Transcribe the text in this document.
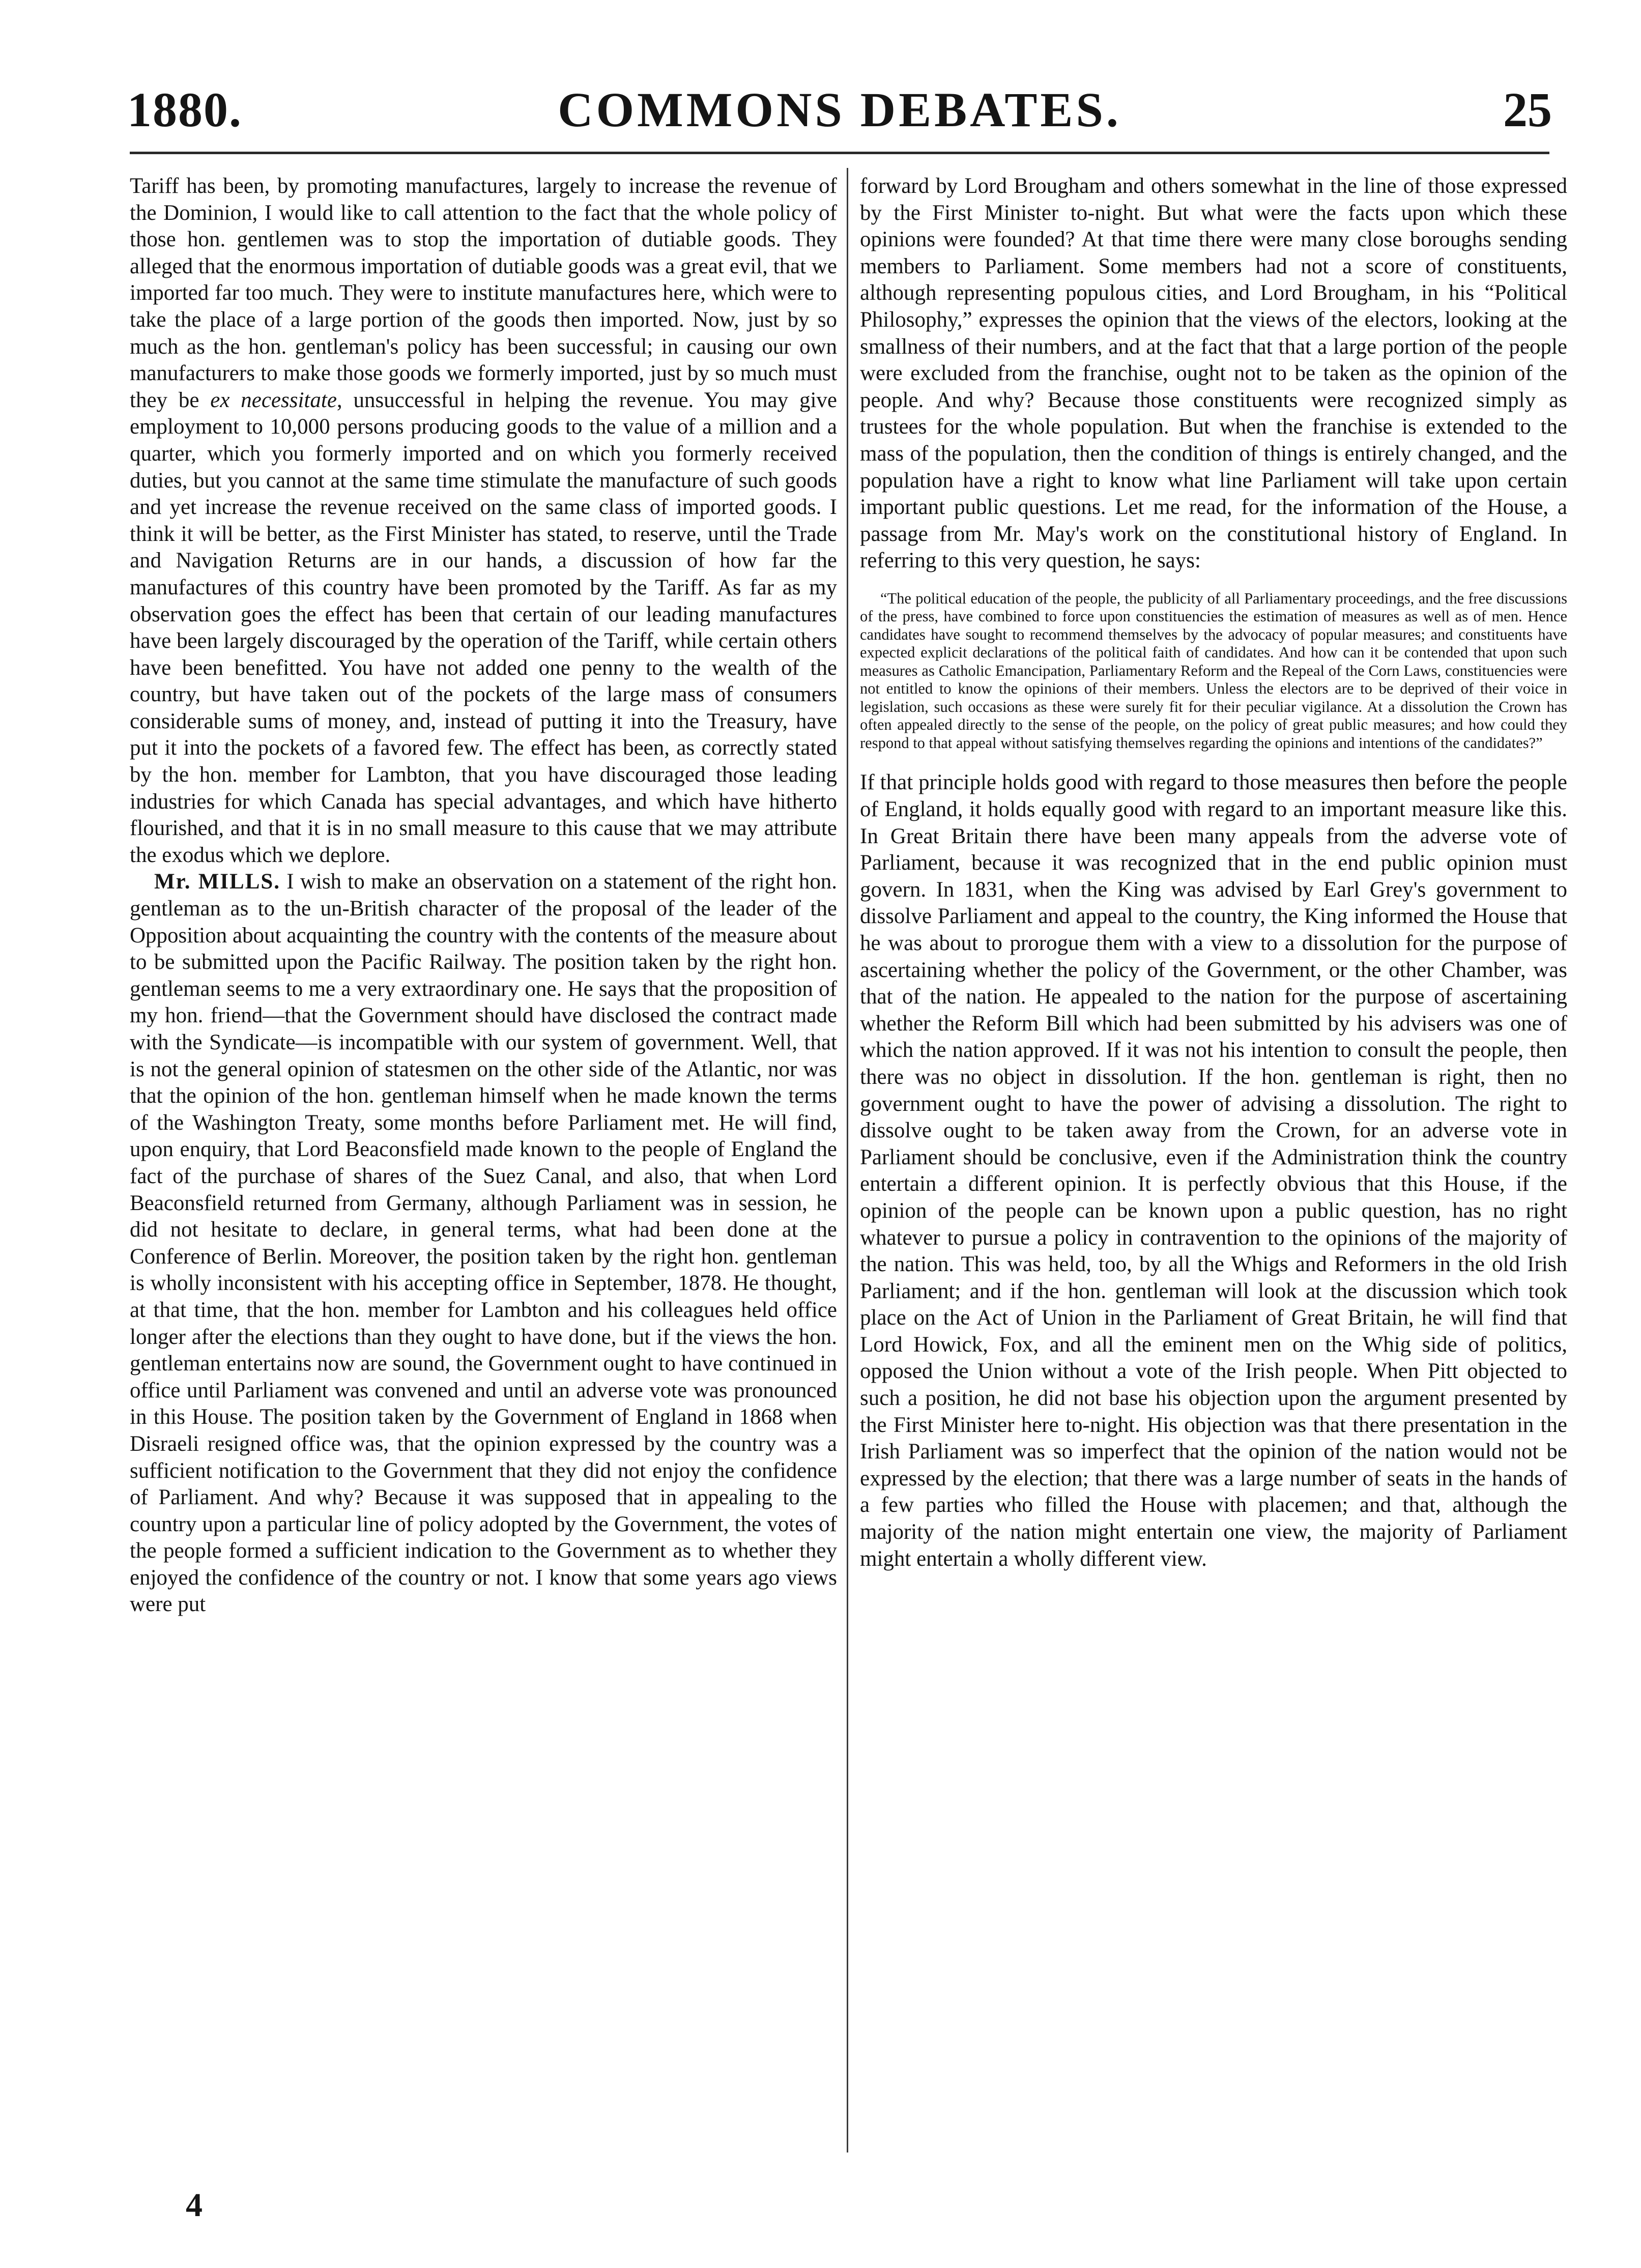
1880.	COMMONS DEBATES.	25

Tariff has been, by promoting manufactures, largely to increase the revenue of the Dominion, I would like to call attention to the fact that the whole policy of those hon. gentlemen was to stop the importation of dutiable goods. They alleged that the enormous importation of dutiable goods was a great evil, that we imported far too much. They were to institute manufactures here, which were to take the place of a large portion of the goods then imported. Now, just by so much as the hon. gentleman's policy has been successful; in causing our own manufacturers to make those goods we formerly imported, just by so much must they be ex necessitate, unsuccessful in helping the revenue. You may give employment to 10,000 persons producing goods to the value of a million and a quarter, which you formerly imported and on which you formerly received duties, but you cannot at the same time stimulate the manufacture of such goods and yet increase the revenue received on the same class of imported goods. I think it will be better, as the First Minister has stated, to reserve, until the Trade and Navigation Returns are in our hands, a discussion of how far the manufactures of this country have been promoted by the Tariff. As far as my observation goes the effect has been that certain of our leading manufactures have been largely discouraged by the operation of the Tariff, while certain others have been benefitted. You have not added one penny to the wealth of the country, but have taken out of the pockets of the large mass of consumers considerable sums of money, and, instead of putting it into the Treasury, have put it into the pockets of a favored few. The effect has been, as correctly stated by the hon. member for Lambton, that you have discouraged those leading industries for which Canada has special advantages, and which have hitherto flourished, and that it is in no small measure to this cause that we may attribute the exodus which we deplore.

Mr. MILLS. I wish to make an observation on a statement of the right hon. gentleman as to the un-British character of the proposal of the leader of the Opposition about acquainting the country with the contents of the measure about to be submitted upon the Pacific Railway. The position taken by the right hon. gentleman seems to me a very extraordinary one. He says that the proposition of my hon. friend—that the Government should have disclosed the contract made with the Syndicate—is incompatible with our system of government. Well, that is not the general opinion of statesmen on the other side of the Atlantic, nor was that the opinion of the hon. gentleman himself when he made known the terms of the Washington Treaty, some months before Parliament met. He will find, upon enquiry, that Lord Beaconsfield made known to the people of England the fact of the purchase of shares of the Suez Canal, and also, that when Lord Beaconsfield returned from Germany, although Parliament was in session, he did not hesitate to declare, in general terms, what had been done at the Conference of Berlin. Moreover, the position taken by the right hon. gentleman is wholly inconsistent with his accepting office in September, 1878. He thought, at that time, that the hon. member for Lambton and his colleagues held office longer after the elections than they ought to have done, but if the views the hon. gentleman entertains now are sound, the Government ought to have continued in office until Parliament was convened and until an adverse vote was pronounced in this House. The position taken by the Government of England in 1868 when Disraeli resigned office was, that the opinion expressed by the country was a sufficient notification to the Government that they did not enjoy the confidence of Parliament. And why? Because it was supposed that in appealing to the country upon a particular line of policy adopted by the Government, the votes of the people formed a sufficient indication to the Government as to whether they enjoyed the confidence of the country or not. I know that some years ago views were put

forward by Lord Brougham and others somewhat in the line of those expressed by the First Minister to-night. But what were the facts upon which these opinions were founded? At that time there were many close boroughs sending members to Parliament. Some members had not a score of constituents, although representing populous cities, and Lord Brougham, in his “Political Philosophy,” expresses the opinion that the views of the electors, looking at the smallness of their numbers, and at the fact that that a large portion of the people were excluded from the franchise, ought not to be taken as the opinion of the people. And why? Because those constituents were recognized simply as trustees for the whole population. But when the franchise is extended to the mass of the population, then the condition of things is entirely changed, and the population have a right to know what line Parliament will take upon certain important public questions. Let me read, for the information of the House, a passage from Mr. May's work on the constitutional history of England. In referring to this very question, he says:

“The political education of the people, the publicity of all Parliamentary proceedings, and the free discussions of the press, have combined to force upon constituencies the estimation of measures as well as of men. Hence candidates have sought to recommend themselves by the advocacy of popular measures; and constituents have expected explicit declarations of the political faith of candidates. And how can it be contended that upon such measures as Catholic Emancipation, Parliamentary Reform and the Repeal of the Corn Laws, constituencies were not entitled to know the opinions of their members. Unless the electors are to be deprived of their voice in legislation, such occasions as these were surely fit for their peculiar vigilance. At a dissolution the Crown has often appealed directly to the sense of the people, on the policy of great public measures; and how could they respond to that appeal without satisfying themselves regarding the opinions and intentions of the candidates?”

If that principle holds good with regard to those measures then before the people of England, it holds equally good with regard to an important measure like this. In Great Britain there have been many appeals from the adverse vote of Parliament, because it was recognized that in the end public opinion must govern. In 1831, when the King was advised by Earl Grey's government to dissolve Parliament and appeal to the country, the King informed the House that he was about to prorogue them with a view to a dissolution for the purpose of ascertaining whether the policy of the Government, or the other Chamber, was that of the nation. He appealed to the nation for the purpose of ascertaining whether the Reform Bill which had been submitted by his advisers was one of which the nation approved. If it was not his intention to consult the people, then there was no object in dissolution. If the hon. gentleman is right, then no government ought to have the power of advising a dissolution. The right to dissolve ought to be taken away from the Crown, for an adverse vote in Parliament should be conclusive, even if the Administration think the country entertain a different opinion. It is perfectly obvious that this House, if the opinion of the people can be known upon a public question, has no right whatever to pursue a policy in contravention to the opinions of the majority of the nation. This was held, too, by all the Whigs and Reformers in the old Irish Parliament; and if the hon. gentleman will look at the discussion which took place on the Act of Union in the Parliament of Great Britain, he will find that Lord Howick, Fox, and all the eminent men on the Whig side of politics, opposed the Union without a vote of the Irish people. When Pitt objected to such a position, he did not base his objection upon the argument presented by the First Minister here to-night. His objection was that there presentation in the Irish Parliament was so imperfect that the opinion of the nation would not be expressed by the election; that there was a large number of seats in the hands of a few parties who filled the House with placemen; and that, although the majority of the nation might entertain one view, the majority of Parliament might entertain a wholly different view.

4
